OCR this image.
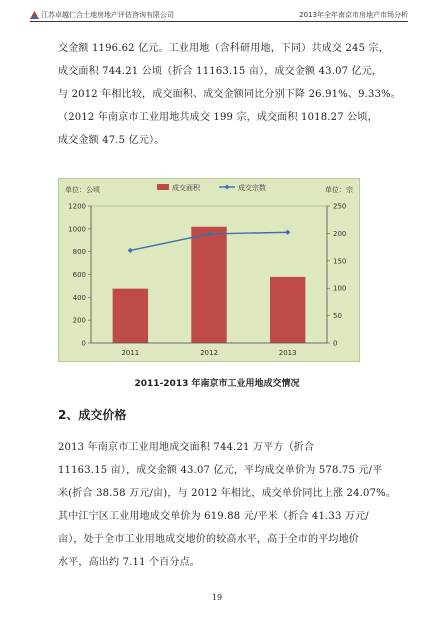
江苏卓越仁合土地房地产评估咨询有限公司	2013年全年南京市房地产市场分析
交金额 1196.62 亿元。工业用地（含科研用地，下同）共成交 245 宗，
成交面积 744.21 公顷（折合 11163.15 亩），成交金额 43.07 亿元，
与 2012 年相比较，成交面积、成交金额同比分别下降 26.91%、9.33%。
（2012 年南京市工业用地共成交 199 宗，成交面积 1018.27 公顷，
成交金额 47.5 亿元）。
0
200
400
600
800
1000
1200
0
50
100
150
200
250
2011	2012	2013
成交面积	成交宗数
单位：公顷	单位：宗
2011-2013 年南京市工业用地成交情况
2、成交价格
2013 年南京市工业用地成交面积 744.21 万平方（折合
11163.15 亩），成交金额 43.07 亿元，平均成交单价为 578.75 元/平
米(折合 38.58 万元/亩)，与 2012 年相比，成交单价同比上涨 24.07%。
其中江宁区工业用地成交单价为 619.88 元/平米（折合 41.33 万元/
亩），处于全市工业用地成交地价的较高水平，高于全市的平均地价
水平，高出约 7.11 个百分点。
19
